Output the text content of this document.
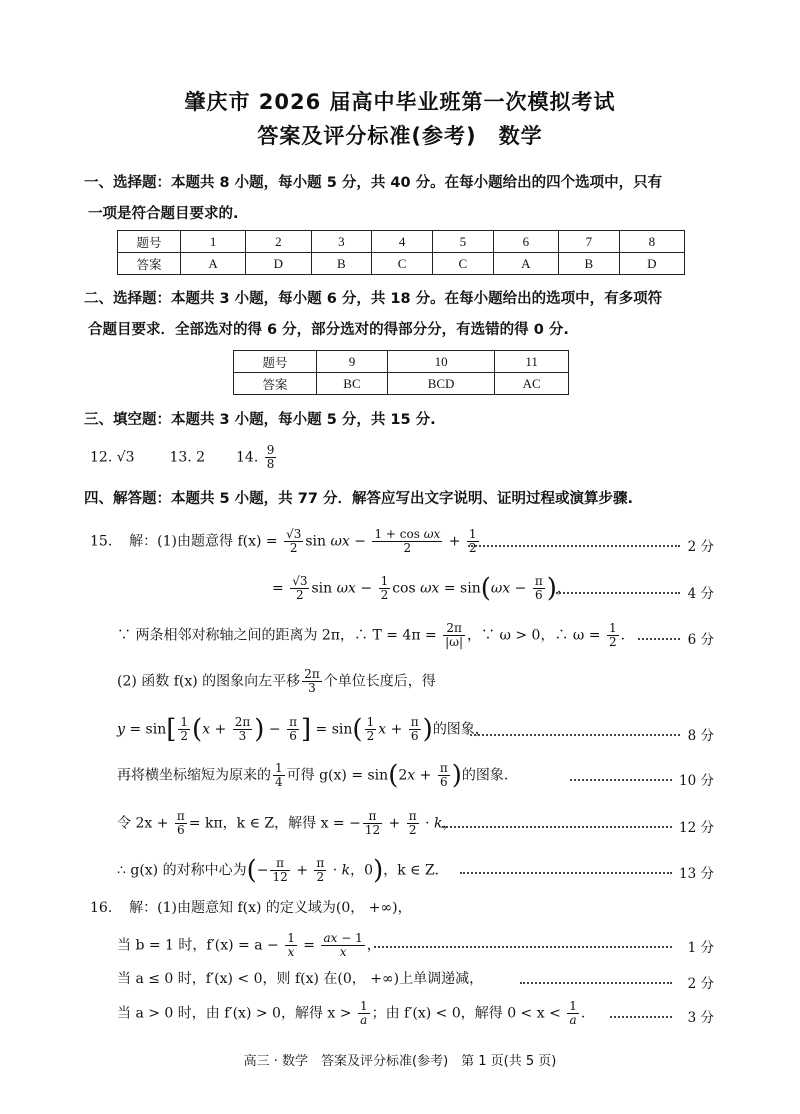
肇庆市 2026 届高中毕业班第一次模拟考试
答案及评分标准(参考) 数学
一、选择题：本题共 8 小题，每小题 5 分，共 40 分。在每小题给出的四个选项中，只有
一项是符合题目要求的.
题号	1	2	3	4	5	6	7	8
答案	A	D	B	C	C	A	B	D
二、选择题：本题共 3 小题，每小题 6 分，共 18 分。在每小题给出的选项中，有多项符
合题目要求．全部选对的得 6 分，部分选对的得部分分，有选错的得 0 分.
题号	9	10	11
答案	BC	BCD	AC
三、填空题：本题共 3 小题，每小题 5 分，共 15 分.
12. √3 13. 2 14. $\frac{9}{8}$
四、解答题：本题共 5 小题，共 77 分．解答应写出文字说明、证明过程或演算步骤.
15. 解：(1)由题意得 $f(x) = \frac{√3}{2}$ $\sin \omega x - \frac{\text{1 + cos ωx}}{2} + \frac{1}{2}$	2 分
= $\frac{√3}{2}$ $\sin \omega x - \frac{1}{2}$ $\cos \omega x = \sin(\omega x - \frac{\pi}{6}$ )，	4 分
∵ 两条相邻对称轴之间的距离为 2π，∴ $T = 4\pi = \frac{2\pi}{|\omega|}$ ，∵ ω > 0，∴ $\omega = \frac{1}{2}$ .	6 分
(2) 函数 f(x) 的图象向左平移 $\frac{2\pi}{3}$ 个单位长度后，得
$y = \sin[ \frac{1}{2} (x + \frac{2\pi}{3}$ ) − $\frac{\pi}{6}$ ] = $\sin( \frac{1}{2}$ $x + \frac{\pi}{6}$ )的图象，	8 分
再将横坐标缩短为原来的 $\frac{1}{4}$ 可得 $g(x) = \sin(2x + \frac{\pi}{6}$ )的图象.	10 分
令 $2x + \frac{\pi}{6} = k\pi$，k ∈ Z，解得 x = − $\frac{\pi}{12} + \frac{\pi}{2} \cdot k$，	12 分
∴ g(x) 的对称中心为(− $\frac{\pi}{12} + \frac{\pi}{2} \cdot k$，0)，k ∈ Z.	13 分
16. 解：(1)由题意知 f(x) 的定义域为(0， +∞)，
当 b = 1 时，$f'(x) = a - \frac{1}{x} = \frac{ax - 1}{x}$ ，	1 分
当 a ≤ 0 时，f′(x) < 0，则 f(x) 在(0， +∞)上单调递减，	2 分
当 a > 0 时，由 f′(x) > 0，解得 $x > \frac{1}{a}$ ；由 f′(x) < 0，解得 $0 < x < \frac{1}{a}$ .	3 分
高三 · 数学　答案及评分标准(参考)　第 1 页(共 5 页)
